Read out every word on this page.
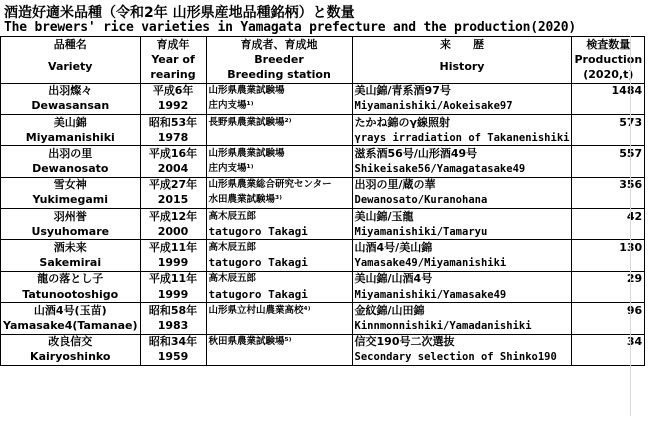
酒造好適米品種（令和2年 山形県産地品種銘柄）と数量
The brewers' rice varieties in Yamagata prefecture and the production(2020)
品種名	育成年	育成者、育成地	来　　歴	検査数量
Variety	Year of	Breeder	History	Production
	rearing	Breeding station		(2020,t)
出羽燦々	平成6年	山形県農業試験場	美山錦/青系酒97号	1484
Dewasansan	1992	庄内支場¹⁾	Miyamanishiki/Aokeisake97	
美山錦	昭和53年	長野県農業試験場²⁾	たかね錦のγ線照射	573
Miyamanishiki	1978		γrays irradiation of Takanenishiki	
出羽の里	平成16年	山形県農業試験場	滋系酒56号/山形酒49号	557
Dewanosato	2004	庄内支場¹⁾	Shikeisake56/Yamagatasake49	
雪女神	平成27年	山形県農業総合研究センター	出羽の里/蔵の華	356
Yukimegami	2015	水田農業試験場³⁾	Dewanosato/Kuranohana	
羽州誉	平成12年	高木辰五郎	美山錦/玉龍	42
Usyuhomare	2000	tatugoro Takagi	Miyamanishiki/Tamaryu	
酒未来	平成11年	高木辰五郎	山酒4号/美山錦	130
Sakemirai	1999	tatugoro Takagi	Yamasake49/Miyamanishiki	
龍の落とし子	平成11年	高木辰五郎	美山錦/山酒4号	29
Tatunootoshigo	1999	tatugoro Takagi	Miyamanishiki/Yamasake49	
山酒4号(玉苗)	昭和58年	山形県立村山農業高校⁴⁾	金紋錦/山田錦	96
Yamasake4(Tamanae)	1983		Kinnmonnishiki/Yamadanishiki	
改良信交	昭和34年	秋田県農業試験場⁵⁾	信交190号二次選抜	34
Kairyoshinko	1959		Secondary selection of Shinko190	
